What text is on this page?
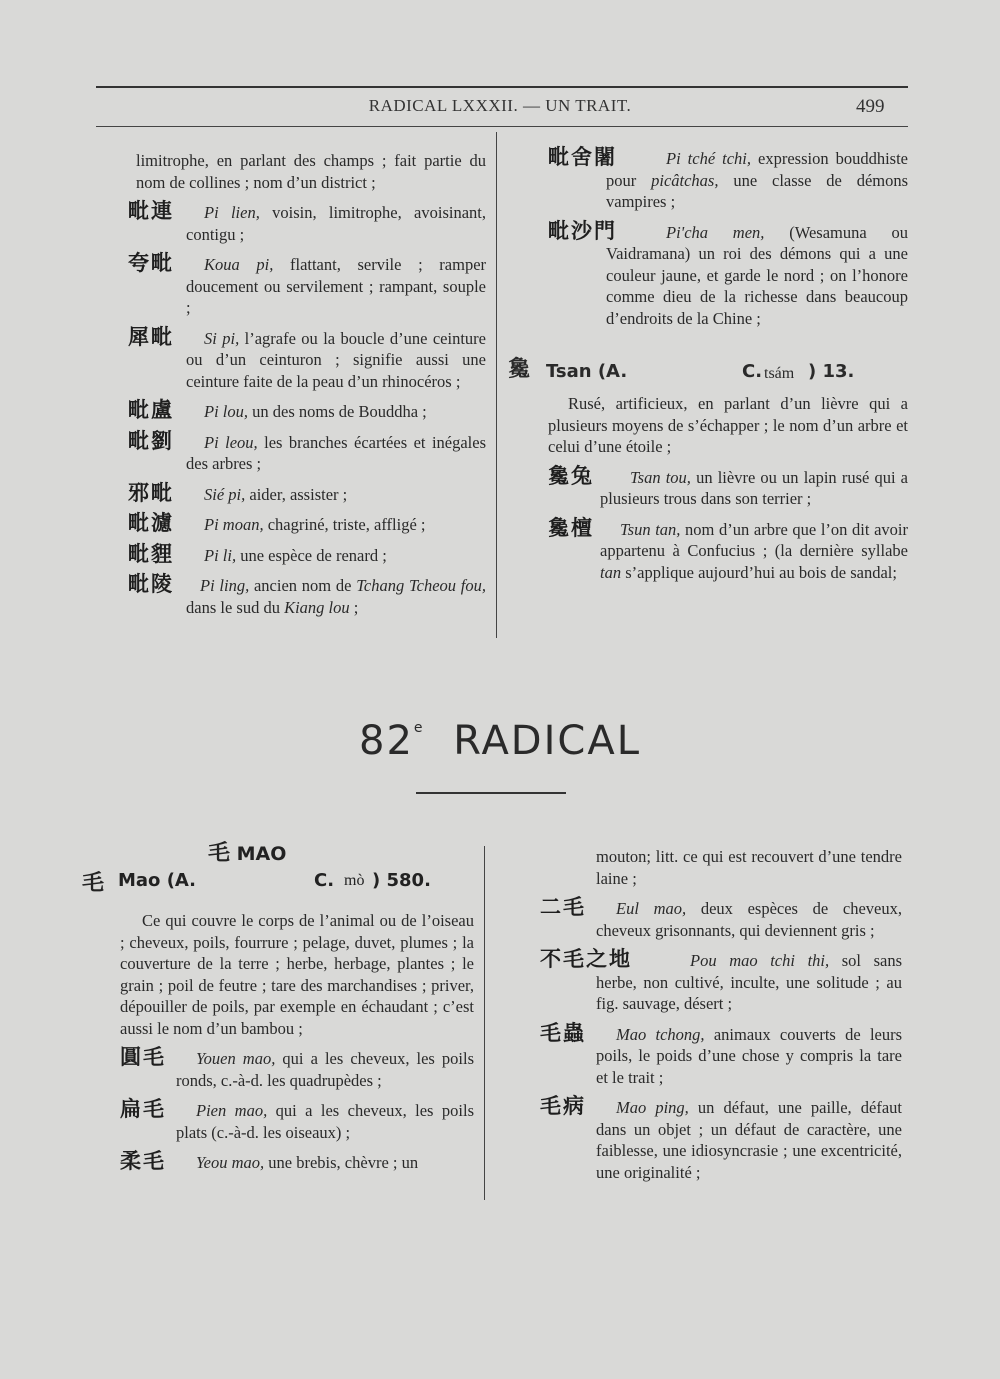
RADICAL LXXXII. — UN TRAIT.	499
limitrophe, en parlant des champs ; fait partie du nom de collines ; nom d’un district ;
毗連	Pi lien, voisin, limitrophe, avoisinant, contigu ;
夸毗	Koua pi, flattant, servile ; ramper doucement ou servilement ; rampant, souple ;
犀毗	Si pi, l’agrafe ou la boucle d’une ceinture ou d’un ceinturon ; signifie aussi une ceinture faite de la peau d’un rhinocéros ;
毗盧	Pi lou, un des noms de Bouddha ;
毗劉	Pi leou, les branches écartées et inégales des arbres ;
邪毗	Sié pi, aider, assister ;
毗濾	Pi moan, chagriné, triste, affligé ;
毗貍	Pi li, une espèce de renard ;
毗陵	Pi ling, ancien nom de Tchang Tcheou fou, dans le sud du Kiang lou ;
毗舍闍	Pi tché tchi, expression bouddhiste pour picâtchas, une classe de démons vampires ;
毗沙門	Pi'cha men, (Wesamuna ou Vaidramana) un roi des démons qui a une couleur jaune, et garde le nord ; on l’honore comme dieu de la richesse dans beaucoup d’endroits de la Chine ;
毚 Tsan (A.	C. tsám ) 13.
Rusé, artificieux, en parlant d’un lièvre qui a plusieurs moyens de s’échapper ; le nom d’un arbre et celui d’une étoile ;
毚兔	Tsan tou, un lièvre ou un lapin rusé qui a plusieurs trous dans son terrier ;
毚檀	Tsun tan, nom d’un arbre que l’on dit avoir appartenu à Confucius ; (la dernière syllabe tan s’applique aujourd’hui au bois de sandal;
82e RADICAL
毛 MAO
毛 Mao (A.	C. mò ) 580.
Ce qui couvre le corps de l’animal ou de l’oiseau ; cheveux, poils, fourrure ; pelage, duvet, plumes ; la couverture de la terre ; herbe, herbage, plantes ; le grain ; poil de feutre ; tare des marchandises ; priver, dépouiller de poils, par exemple en échaudant ; c’est aussi le nom d’un bambou ;
圓毛	Youen mao, qui a les cheveux, les poils ronds, c.-à-d. les quadrupèdes ;
扁毛	Pien mao, qui a les cheveux, les poils plats (c.-à-d. les oiseaux) ;
柔毛	Yeou mao, une brebis, chèvre ; un
mouton; litt. ce qui est recouvert d’une tendre laine ;
二毛	Eul mao, deux espèces de cheveux, cheveux grisonnants, qui deviennent gris ;
不毛之地	Pou mao tchi thi, sol sans herbe, non cultivé, inculte, une solitude ; au fig. sauvage, désert ;
毛蟲	Mao tchong, animaux couverts de leurs poils, le poids d’une chose y compris la tare et le trait ;
毛病	Mao ping, un défaut, une paille, défaut dans un objet ; un défaut de caractère, une faiblesse, une idiosyncrasie ; une excentricité, une originalité ;
